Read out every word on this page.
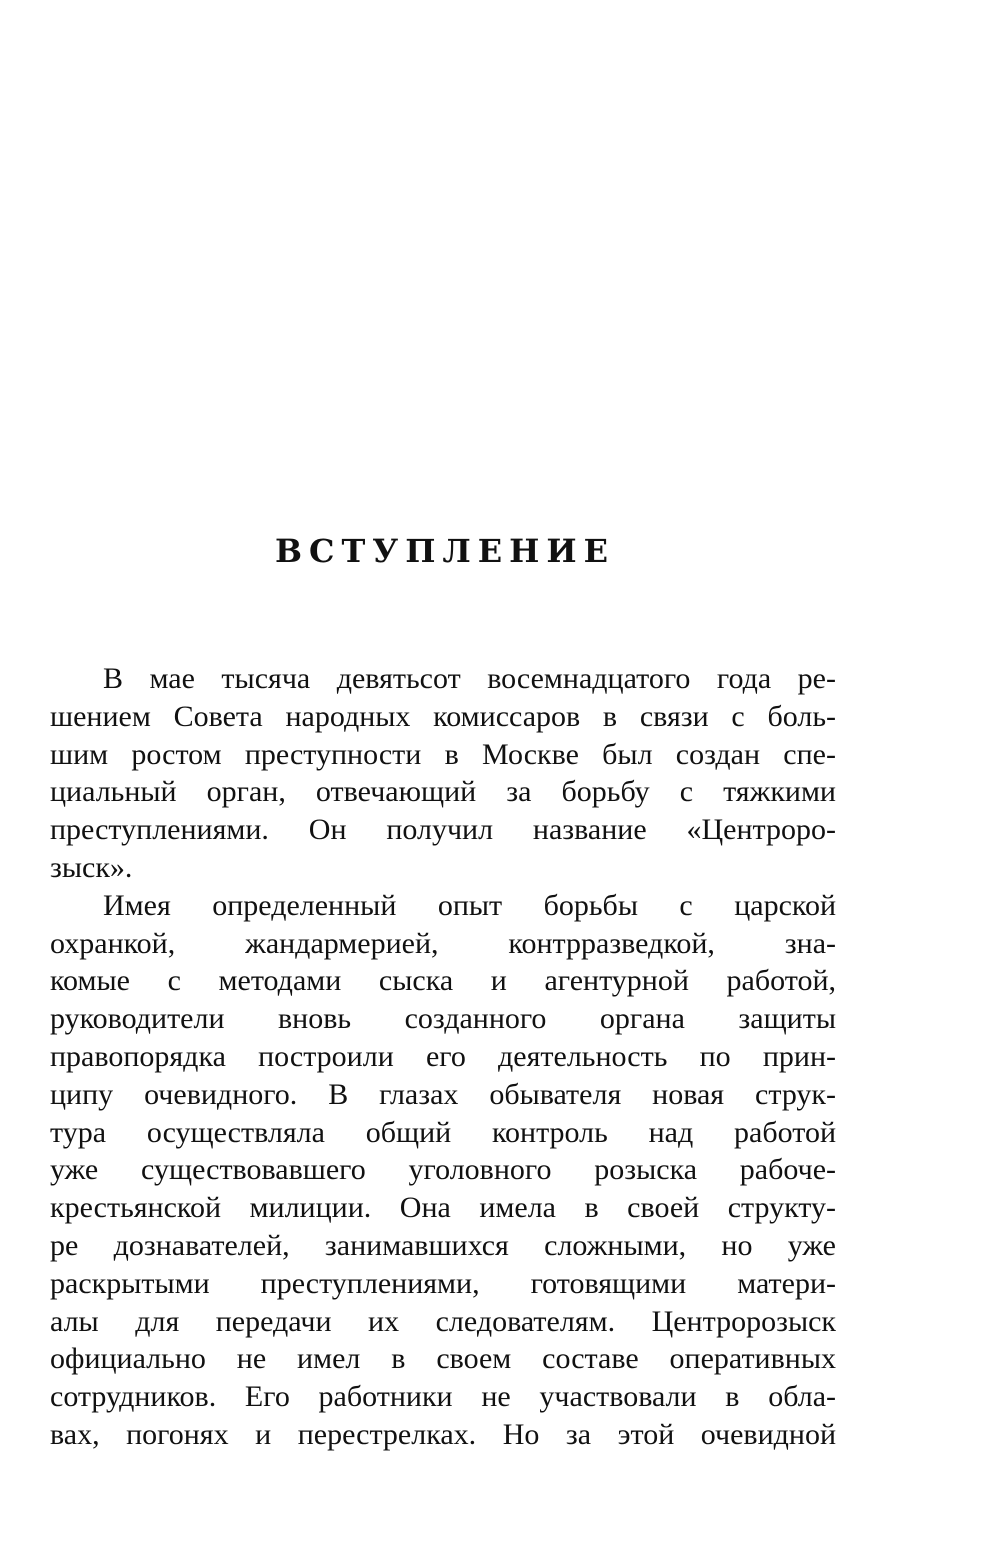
ВСТУПЛЕНИЕ
В мае тысяча девятьсот восемнадцатого года ре-
шением Совета народных комиссаров в связи с боль-
шим ростом преступности в Москве был создан спе-
циальный орган, отвечающий за борьбу с тяжкими
преступлениями. Он получил название «Центроро-
зыск».
Имея определенный опыт борьбы с царской
охранкой, жандармерией, контрразведкой, зна-
комые с методами сыска и агентурной работой,
руководители вновь созданного органа защиты
правопорядка построили его деятельность по прин-
ципу очевидного. В глазах обывателя новая струк-
тура осуществляла общий контроль над работой
уже существовавшего уголовного розыска рабоче-
крестьянской милиции. Она имела в своей структу-
ре дознавателей, занимавшихся сложными, но уже
раскрытыми преступлениями, готовящими матери-
алы для передачи их следователям. Центророзыск
официально не имел в своем составе оперативных
сотрудников. Его работники не участвовали в обла-
вах, погонях и перестрелках. Но за этой очевидной
